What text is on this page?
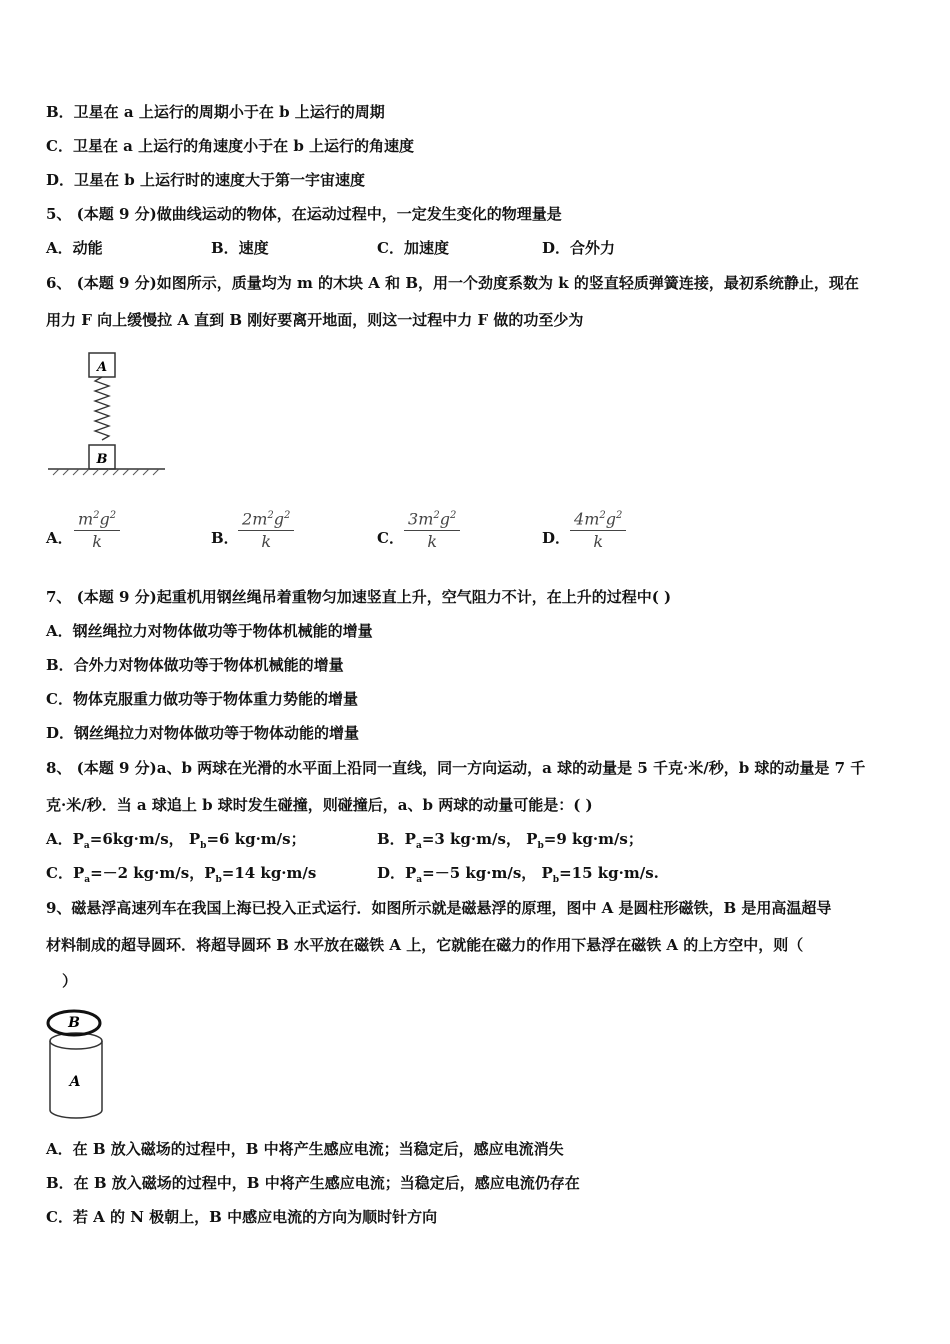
B．卫星在 a 上运行的周期小于在 b 上运行的周期
C．卫星在 a 上运行的角速度小于在 b 上运行的角速度
D．卫星在 b 上运行时的速度大于第一宇宙速度
5、 (本题 9 分)做曲线运动的物体，在运动过程中，一定发生变化的物理量是
A．动能	B．速度	C．加速度	D．合外力
6、 (本题 9 分)如图所示，质量均为 m 的木块 A 和 B，用一个劲度系数为 k 的竖直轻质弹簧连接，最初系统静止，现在
用力 F 向上缓慢拉 A 直到 B 刚好要离开地面，则这一过程中力 F 做的功至少为
A
B
A． $\frac{m^2g^2}{k}$	B． $\frac{2m^2g^2}{k}$	C． $\frac{3m^2g^2}{k}$	D． $\frac{4m^2g^2}{k}$
7、 (本题 9 分)起重机用钢丝绳吊着重物匀加速竖直上升，空气阻力不计，在上升的过程中( )
A．钢丝绳拉力对物体做功等于物体机械能的增量
B．合外力对物体做功等于物体机械能的增量
C．物体克服重力做功等于物体重力势能的增量
D．钢丝绳拉力对物体做功等于物体动能的增量
8、 (本题 9 分)a、b 两球在光滑的水平面上沿同一直线，同一方向运动，a 球的动量是 5 千克·米/秒，b 球的动量是 7 千
克·米/秒．当 a 球追上 b 球时发生碰撞，则碰撞后，a、b 两球的动量可能是：( )
A．$P_a=6kg\cdot m/s$， $P_b=6$ kg·m/s；	B．$P_a=3$ kg·m/s， $P_b=9$ kg·m/s；
C．$P_a=-2$ kg·m/s，$P_b=14$ kg·m/s	D．$P_a=-5$ kg·m/s， $P_b=15$ kg·m/s.
9、磁悬浮高速列车在我国上海已投入正式运行．如图所示就是磁悬浮的原理，图中 A 是圆柱形磁铁，B 是用高温超导
材料制成的超导圆环．将超导圆环 B 水平放在磁铁 A 上，它就能在磁力的作用下悬浮在磁铁 A 的上方空中，则（
）
B
A
A．在 B 放入磁场的过程中，B 中将产生感应电流；当稳定后，感应电流消失
B．在 B 放入磁场的过程中，B 中将产生感应电流；当稳定后，感应电流仍存在
C．若 A 的 N 极朝上，B 中感应电流的方向为顺时针方向
